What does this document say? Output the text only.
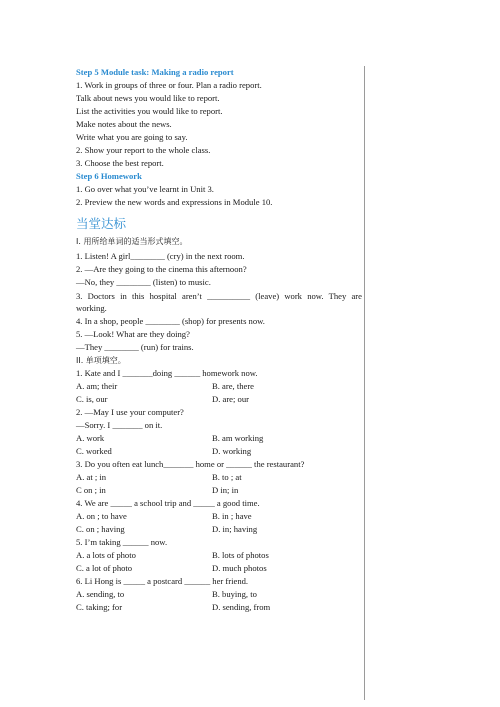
Step 5 Module task: Making a radio report
1. Work in groups of three or four. Plan a radio report.
Talk about news you would like to report.
List the activities you would like to report.
Make notes about the news.
Write what you are going to say.
2. Show your report to the whole class.
3. Choose the best report.
Step 6 Homework
1. Go over what you’ve learnt in Unit 3.
2. Preview the new words and expressions in Module 10.
当堂达标
Ⅰ. 用所给单词的适当形式填空。
1. Listen! A girl________ (cry) in the next room.
2. —Are they going to the cinema this afternoon?
—No, they ________ (listen) to music.
3. Doctors in this hospital aren’t __________ (leave) work now. They are
working.
4. In a shop, people ________ (shop) for presents now.
5. —Look! What are they doing?
—They ________ (run) for trains.
II. 单项填空。
1. Kate and I _______doing ______ homework now.
A. am; their	B. are, there
C. is, our	D. are; our
2. —May I use your computer?
—Sorry. I _______ on it.
A. work	B. am working
C. worked	D. working
3. Do you often eat lunch_______ home or ______ the restaurant?
A. at ; in	B. to ; at
C on ; in	D in; in
4. We are _____ a school trip and _____ a good time.
A. on ; to have	B. in ; have
C. on ; having	D. in; having
5. I’m taking ______ now.
A. a lots of photo	B. lots of photos
C. a lot of photo	D. much photos
6. Li Hong is _____ a postcard ______ her friend.
A. sending, to	B. buying, to
C. taking; for	D. sending, from
